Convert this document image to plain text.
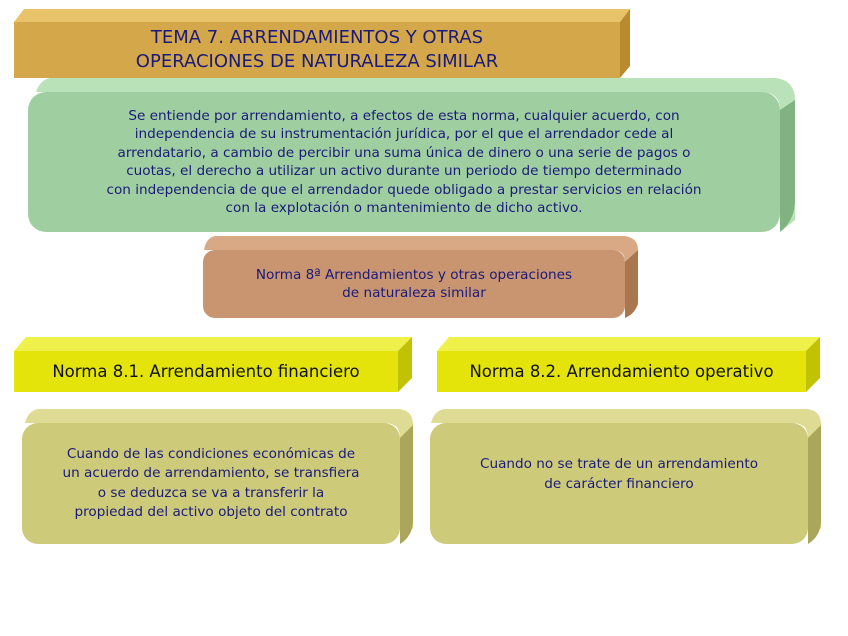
TEMA 7. ARRENDAMIENTOS Y OTRAS
OPERACIONES DE NATURALEZA SIMILAR
Se entiende por arrendamiento, a efectos de esta norma, cualquier acuerdo, con
independencia de su instrumentación jurídica, por el que el arrendador cede al
arrendatario, a cambio de percibir una suma única de dinero o una serie de pagos o
cuotas, el derecho a utilizar un activo durante un periodo de tiempo determinado
con independencia de que el arrendador quede obligado a prestar servicios en relación
con la explotación o mantenimiento de dicho activo.
Norma 8ª Arrendamientos y otras operaciones
de naturaleza similar
Norma 8.1. Arrendamiento financiero	Norma 8.2. Arrendamiento operativo
Cuando de las condiciones económicas de
un acuerdo de arrendamiento, se transfiera
o se deduzca se va a transferir la
propiedad del activo objeto del contrato
Cuando no se trate de un arrendamiento
de carácter financiero
